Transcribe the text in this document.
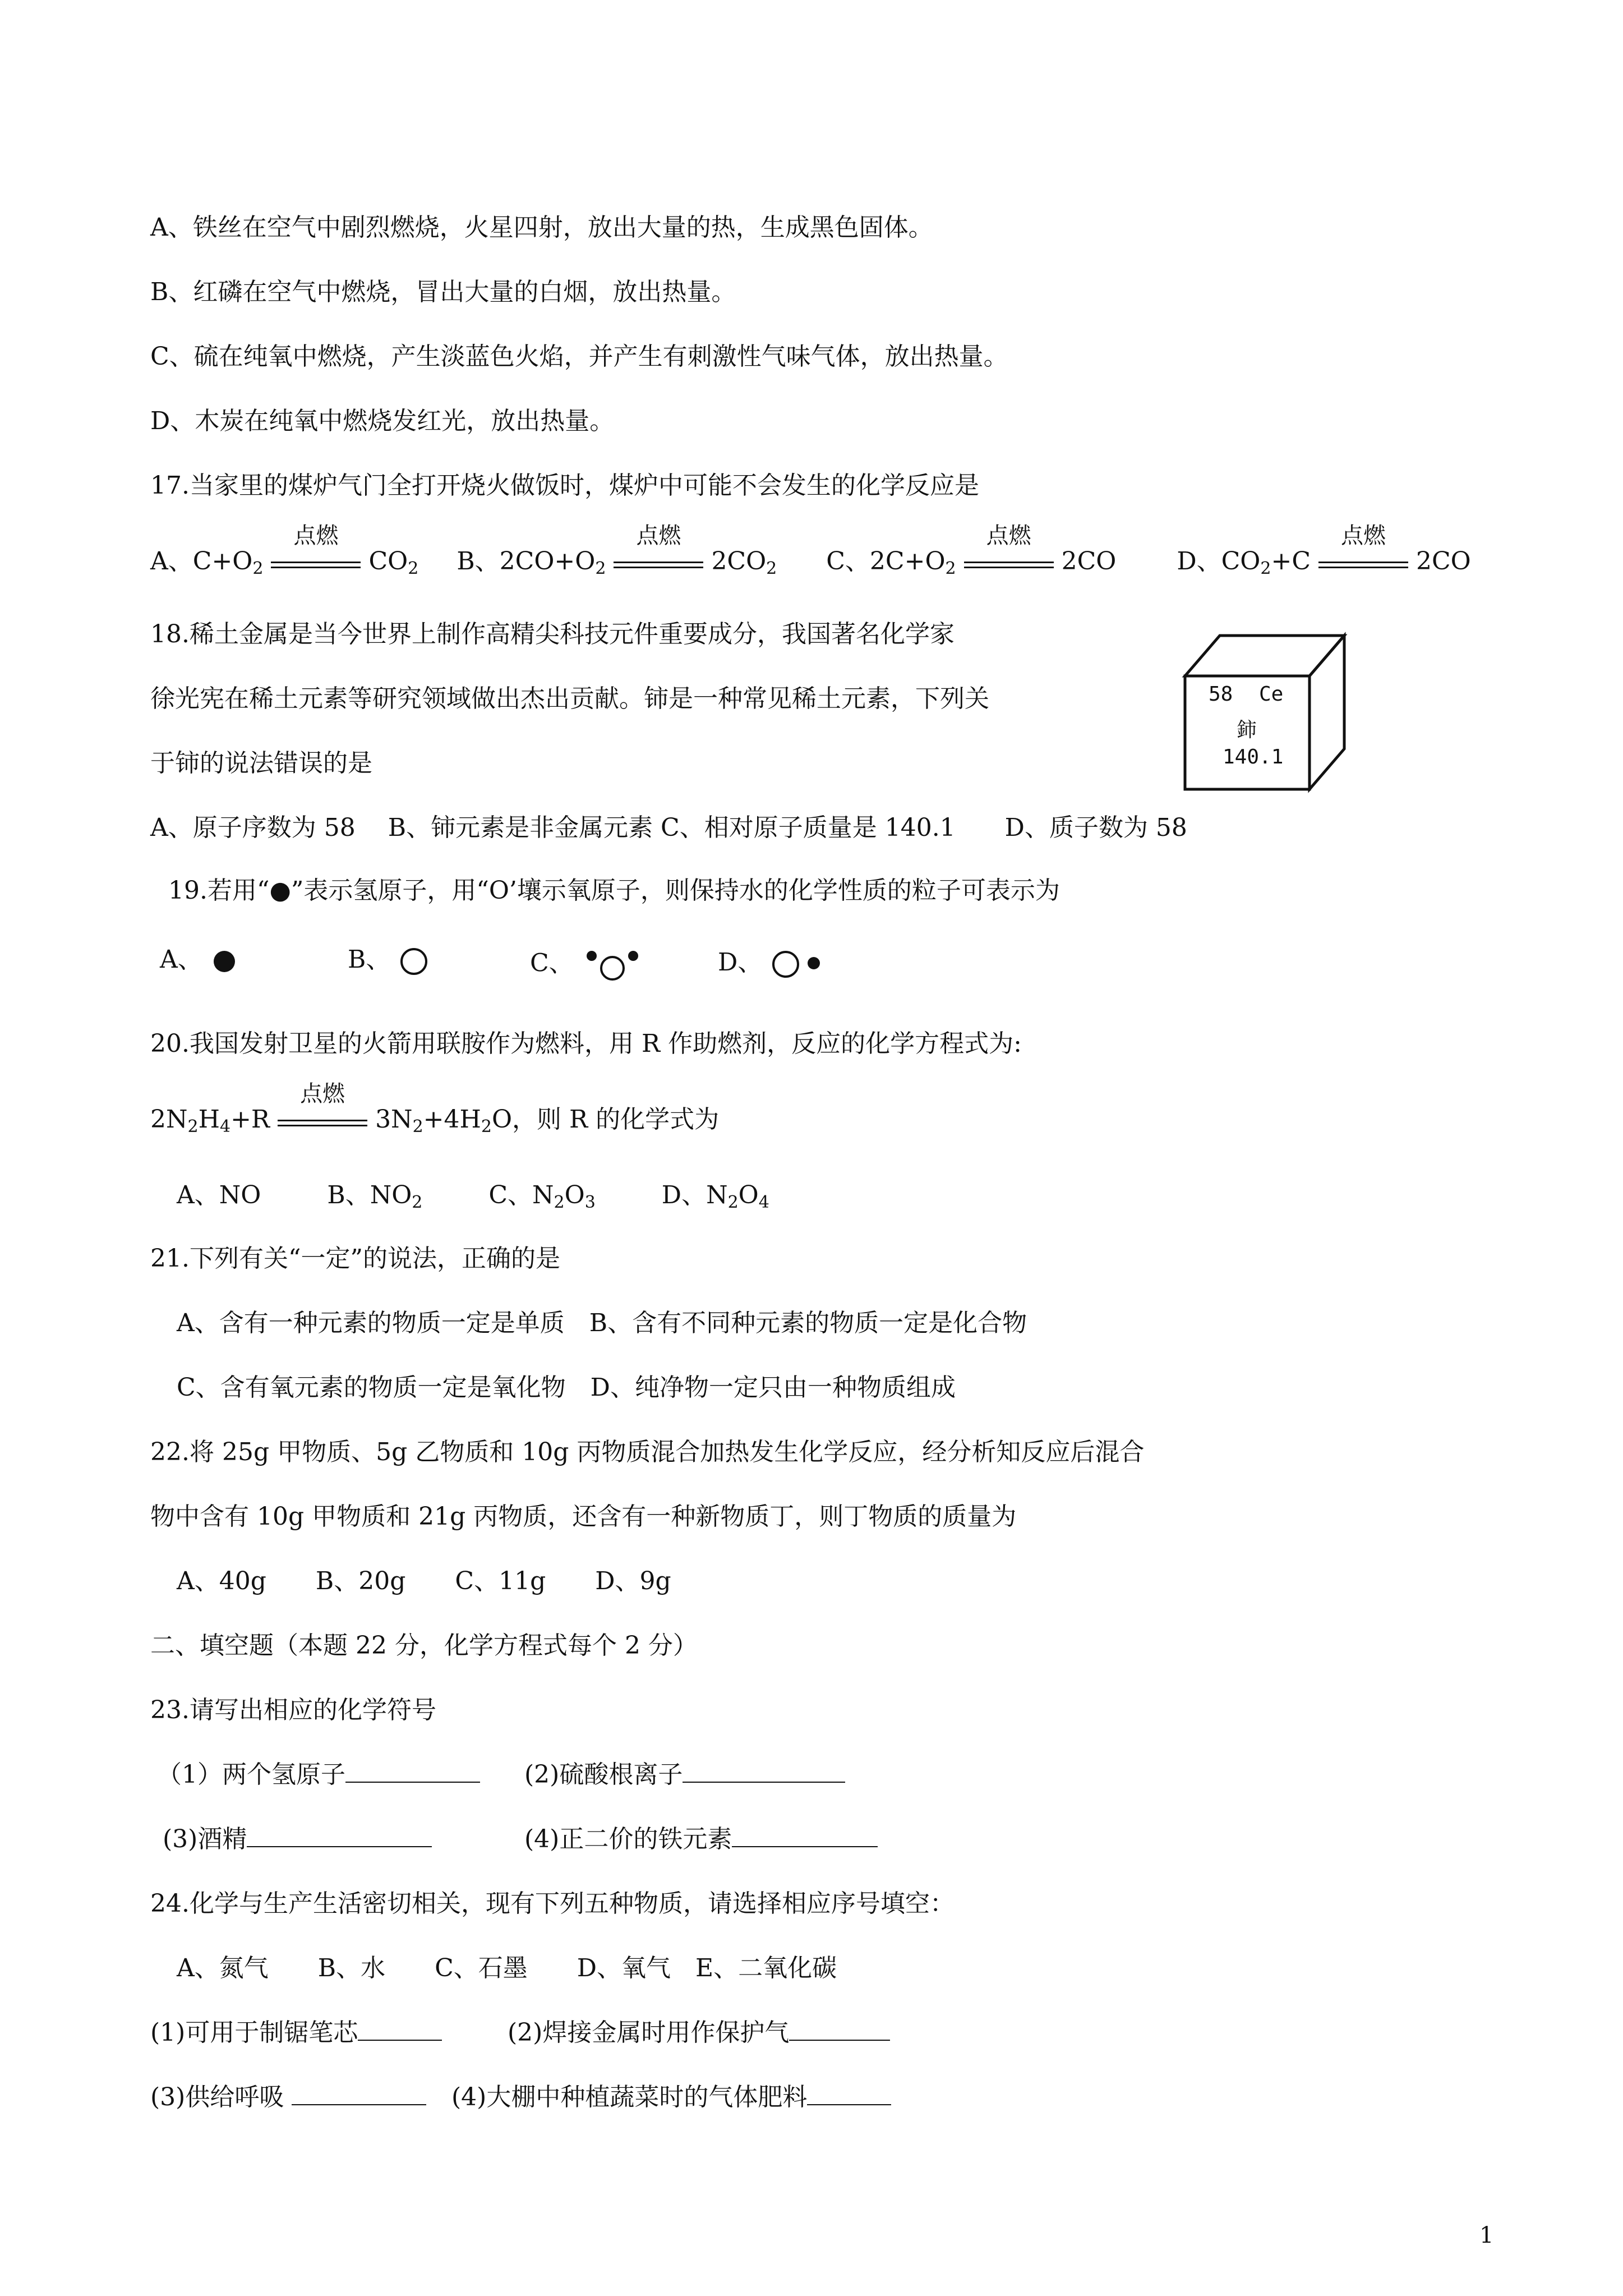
A、铁丝在空气中剧烈燃烧，火星四射，放出大量的热，生成黑色固体。
B、红磷在空气中燃烧，冒出大量的白烟，放出热量。
C、硫在纯氧中燃烧，产生淡蓝色火焰，并产生有刺激性气味气体，放出热量。
D、木炭在纯氧中燃烧发红光，放出热量。
17.当家里的煤炉气门全打开烧火做饭时，煤炉中可能不会发生的化学反应是
A、$C+O_2$
点燃
$CO_2$ B、$2CO+O_2$
点燃
$2CO_2$ C、$2C+O_2$
点燃
2CO D、$CO_2+C$
点燃
2CO
18.稀土金属是当今世界上制作高精尖科技元件重要成分，我国著名化学家
徐光宪在稀土元素等研究领域做出杰出贡献。铈是一种常见稀土元素，下列关
于铈的说法错误的是
58 Ce
鈰
140.1
A、原子序数为 58　 B、铈元素是非金属元素 C、相对原子质量是 140.1　　D、质子数为 58
19.若用“●”表示氢原子，用“O’壤示氧原子，则保持水的化学性质的粒子可表示为
A、	B、	C、	D、
20.我国发射卫星的火箭用联胺作为燃料，用 R 作助燃剂，反应的化学方程式为:
$2N_2H_4+R$
点燃
$3N_2+4H_2O$，则 R 的化学式为
A、NO	B、$NO_2$	C、$N_2O_3$	D、$N_2O_4$
21.下列有关“一定”的说法，正确的是
A、含有一种元素的物质一定是单质　B、含有不同种元素的物质一定是化合物
C、含有氧元素的物质一定是氧化物　D、纯净物一定只由一种物质组成
22.将 25g 甲物质、5g 乙物质和 10g 丙物质混合加热发生化学反应，经分析知反应后混合
物中含有 10g 甲物质和 21g 丙物质，还含有一种新物质丁，则丁物质的质量为
A、40g　　B、20g　　C、11g　　D、9g
二、填空题（本题 22 分，化学方程式每个 2 分）
23.请写出相应的化学符号
（1）两个氢原子	(2)硫酸根离子
(3)酒精	(4)正二价的铁元素
24.化学与生产生活密切相关，现有下列五种物质，请选择相应序号填空：
A、氮气　　B、水　　C、石墨　　D、氧气　E、二氧化碳
(1)可用于制锯笔芯	(2)焊接金属时用作保护气
(3)供给呼吸	(4)大棚中种植蔬菜时的气体肥料
1
